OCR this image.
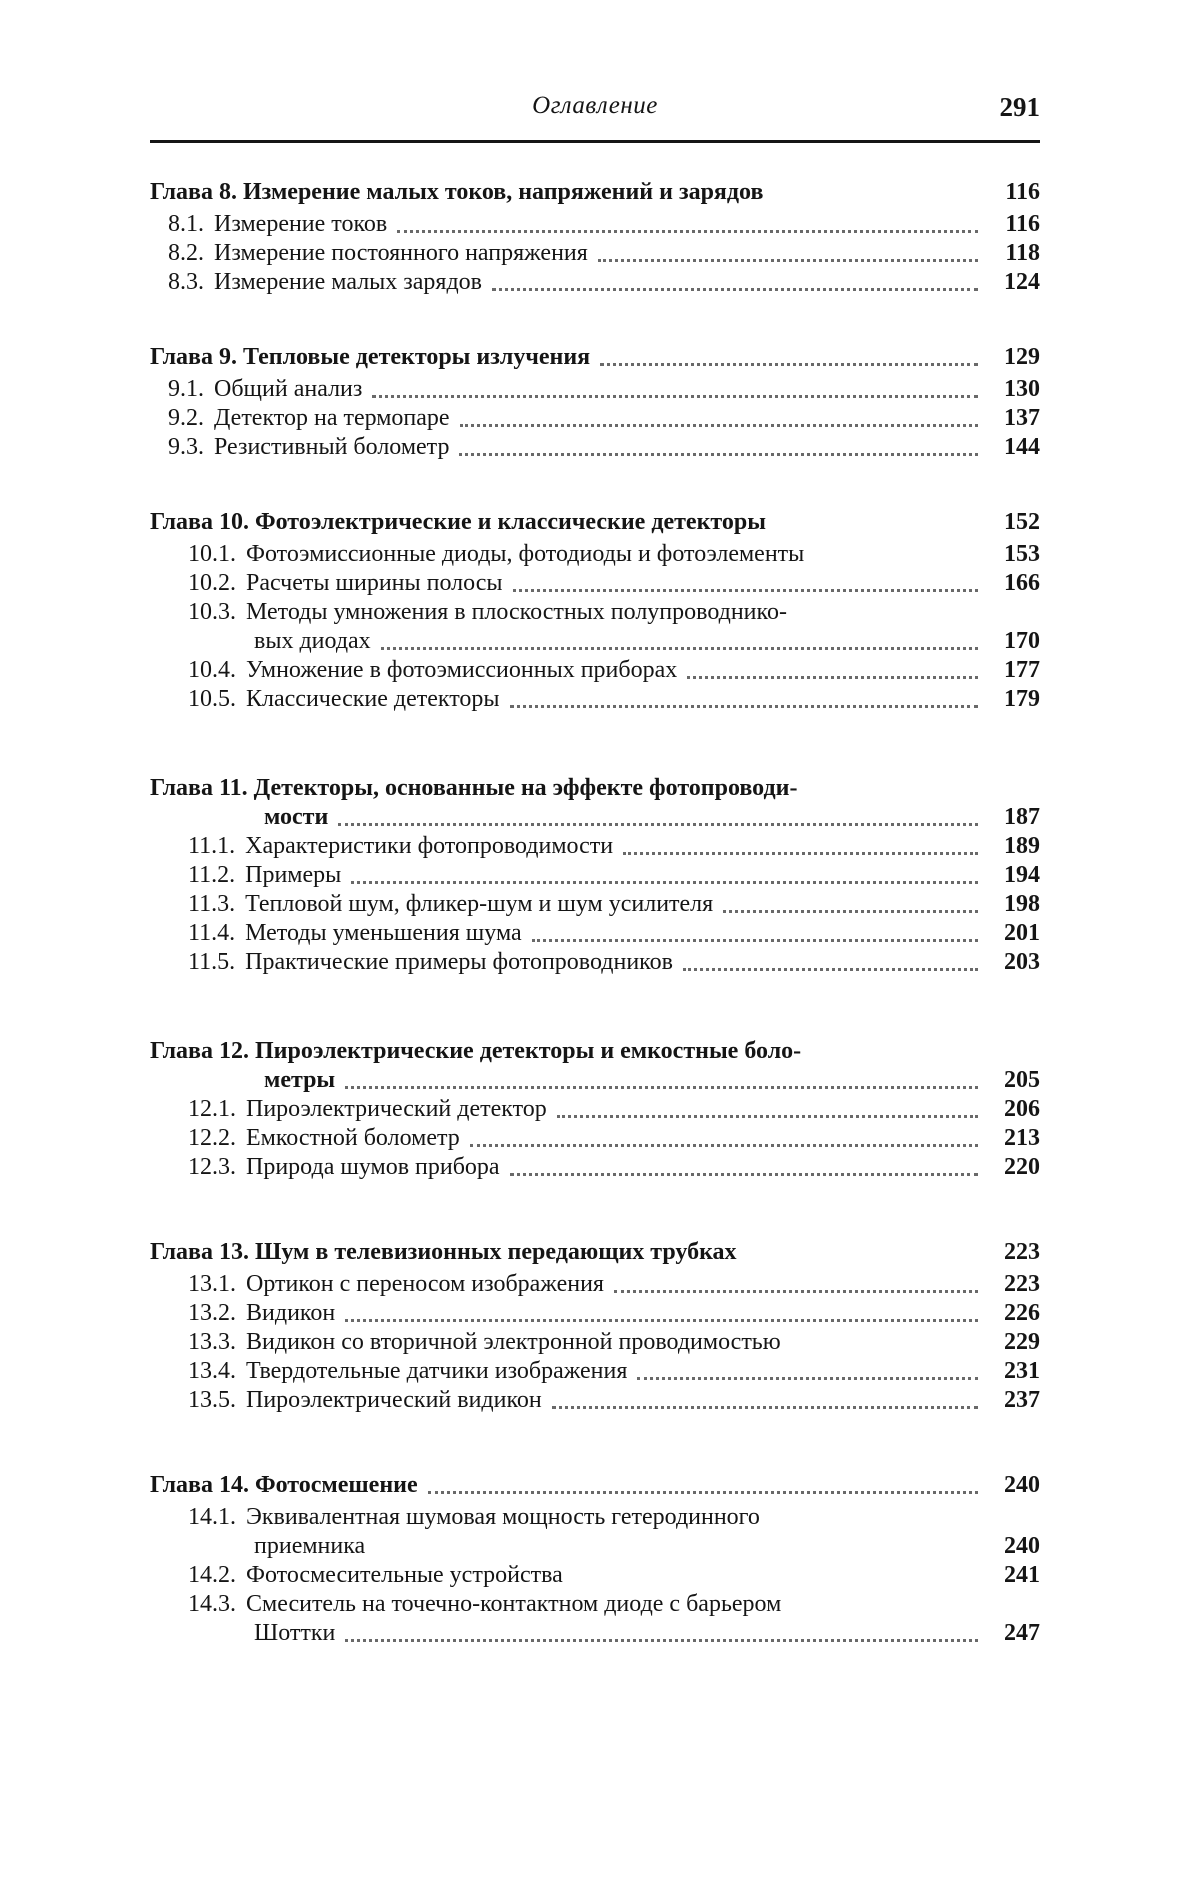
Оглавление	291
Глава 8. Измерение малых токов, напряжений и зарядов	116
8.1. Измерение токов	116
8.2. Измерение постоянного напряжения	118
8.3. Измерение малых зарядов	124
Глава 9. Тепловые детекторы излучения	129
9.1. Общий анализ	130
9.2. Детектор на термопаре	137
9.3. Резистивный болометр	144
Глава 10. Фотоэлектрические и классические детекторы	152
10.1. Фотоэмиссионные диоды, фотодиоды и фотоэлементы	153
10.2. Расчеты ширины полосы	166
10.3. Методы умножения в плоскостных полупроводнико-
вых диодах	170
10.4. Умножение в фотоэмиссионных приборах	177
10.5. Классические детекторы	179
Глава 11. Детекторы, основанные на эффекте фотопроводи-
мости	187
11.1. Характеристики фотопроводимости	189
11.2. Примеры	194
11.3. Тепловой шум, фликер-шум и шум усилителя	198
11.4. Методы уменьшения шума	201
11.5. Практические примеры фотопроводников	203
Глава 12. Пироэлектрические детекторы и емкостные боло-
метры	205
12.1. Пироэлектрический детектор	206
12.2. Емкостной болометр	213
12.3. Природа шумов прибора	220
Глава 13. Шум в телевизионных передающих трубках	223
13.1. Ортикон с переносом изображения	223
13.2. Видикон	226
13.3. Видикон со вторичной электронной проводимостью	229
13.4. Твердотельные датчики изображения	231
13.5. Пироэлектрический видикон	237
Глава 14. Фотосмешение	240
14.1. Эквивалентная шумовая мощность гетеродинного
приемника	240
14.2. Фотосмесительные устройства	241
14.3. Смеситель на точечно-контактном диоде с барьером
Шоттки	247
